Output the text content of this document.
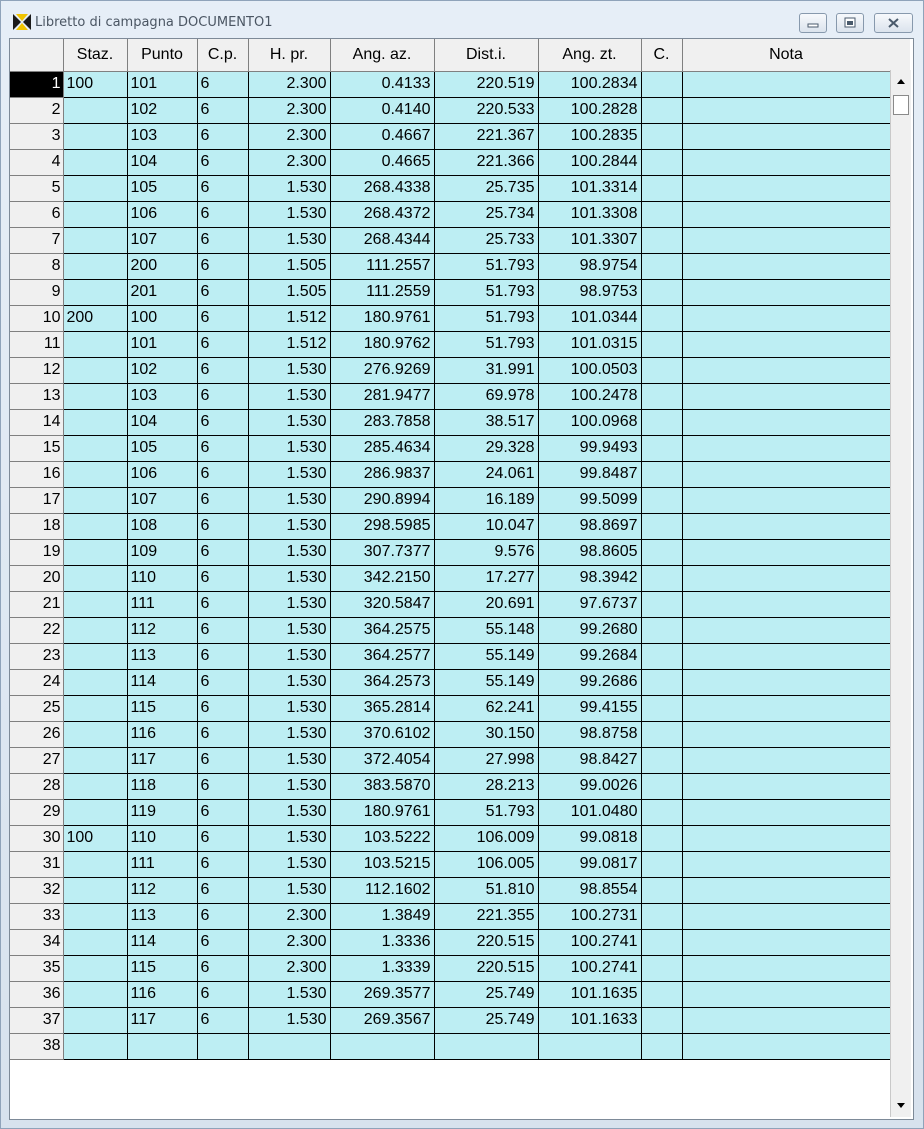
Libretto di campagna DOCUMENTO1
	Staz.	Punto	C.p.	H. pr.	Ang. az.	Dist.i.	Ang. zt.	C.	Nota
1	100	101	6	2.300	0.4133	220.519	100.2834		
2		102	6	2.300	0.4140	220.533	100.2828		
3		103	6	2.300	0.4667	221.367	100.2835		
4		104	6	2.300	0.4665	221.366	100.2844		
5		105	6	1.530	268.4338	25.735	101.3314		
6		106	6	1.530	268.4372	25.734	101.3308		
7		107	6	1.530	268.4344	25.733	101.3307		
8		200	6	1.505	111.2557	51.793	98.9754		
9		201	6	1.505	111.2559	51.793	98.9753		
10	200	100	6	1.512	180.9761	51.793	101.0344		
11		101	6	1.512	180.9762	51.793	101.0315		
12		102	6	1.530	276.9269	31.991	100.0503		
13		103	6	1.530	281.9477	69.978	100.2478		
14		104	6	1.530	283.7858	38.517	100.0968		
15		105	6	1.530	285.4634	29.328	99.9493		
16		106	6	1.530	286.9837	24.061	99.8487		
17		107	6	1.530	290.8994	16.189	99.5099		
18		108	6	1.530	298.5985	10.047	98.8697		
19		109	6	1.530	307.7377	9.576	98.8605		
20		110	6	1.530	342.2150	17.277	98.3942		
21		111	6	1.530	320.5847	20.691	97.6737		
22		112	6	1.530	364.2575	55.148	99.2680		
23		113	6	1.530	364.2577	55.149	99.2684		
24		114	6	1.530	364.2573	55.149	99.2686		
25		115	6	1.530	365.2814	62.241	99.4155		
26		116	6	1.530	370.6102	30.150	98.8758		
27		117	6	1.530	372.4054	27.998	98.8427		
28		118	6	1.530	383.5870	28.213	99.0026		
29		119	6	1.530	180.9761	51.793	101.0480		
30	100	110	6	1.530	103.5222	106.009	99.0818		
31		111	6	1.530	103.5215	106.005	99.0817		
32		112	6	1.530	112.1602	51.810	98.8554		
33		113	6	2.300	1.3849	221.355	100.2731		
34		114	6	2.300	1.3336	220.515	100.2741		
35		115	6	2.300	1.3339	220.515	100.2741		
36		116	6	1.530	269.3577	25.749	101.1635		
37		117	6	1.530	269.3567	25.749	101.1633		
38									
